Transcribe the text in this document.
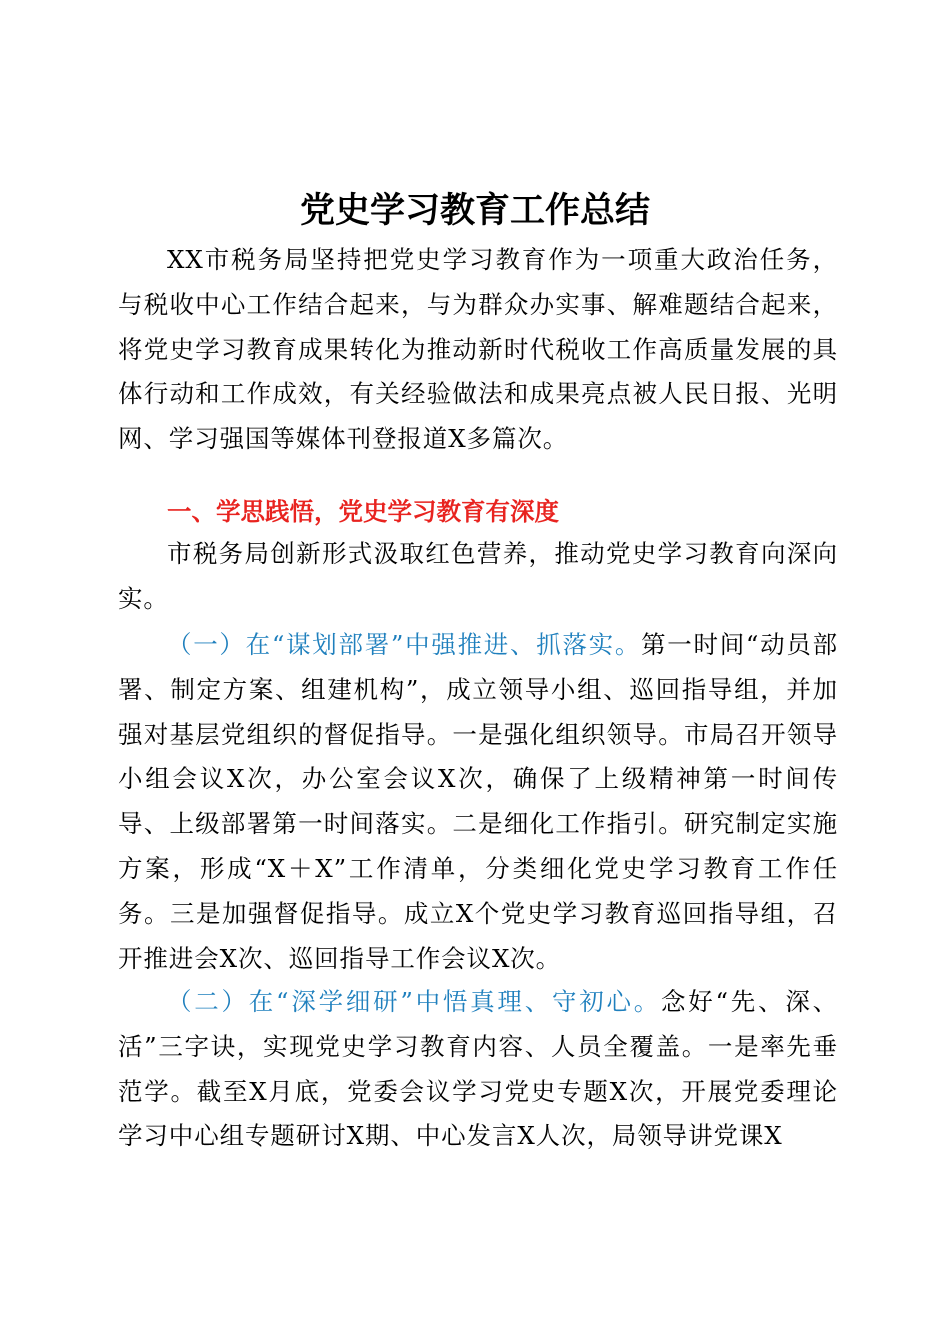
党史学习教育工作总结

XX市税务局坚持把党史学习教育作为一项重大政治任务，与税收中心工作结合起来，与为群众办实事、解难题结合起来，将党史学习教育成果转化为推动新时代税收工作高质量发展的具体行动和工作成效，有关经验做法和成果亮点被人民日报、光明网、学习强国等媒体刊登报道X多篇次。

一、学思践悟，党史学习教育有深度

市税务局创新形式汲取红色营养，推动党史学习教育向深向实。

（一）在“谋划部署”中强推进、抓落实。第一时间“动员部署、制定方案、组建机构”，成立领导小组、巡回指导组，并加强对基层党组织的督促指导。一是强化组织领导。市局召开领导小组会议X次，办公室会议X次，确保了上级精神第一时间传导、上级部署第一时间落实。二是细化工作指引。研究制定实施方案，形成“X＋X”工作清单，分类细化党史学习教育工作任务。三是加强督促指导。成立X个党史学习教育巡回指导组，召开推进会X次、巡回指导工作会议X次。

（二）在“深学细研”中悟真理、守初心。念好“先、深、活”三字诀，实现党史学习教育内容、人员全覆盖。一是率先垂范学。截至X月底，党委会议学习党史专题X次，开展党委理论学习中心组专题研讨X期、中心发言X人次，局领导讲党课X
